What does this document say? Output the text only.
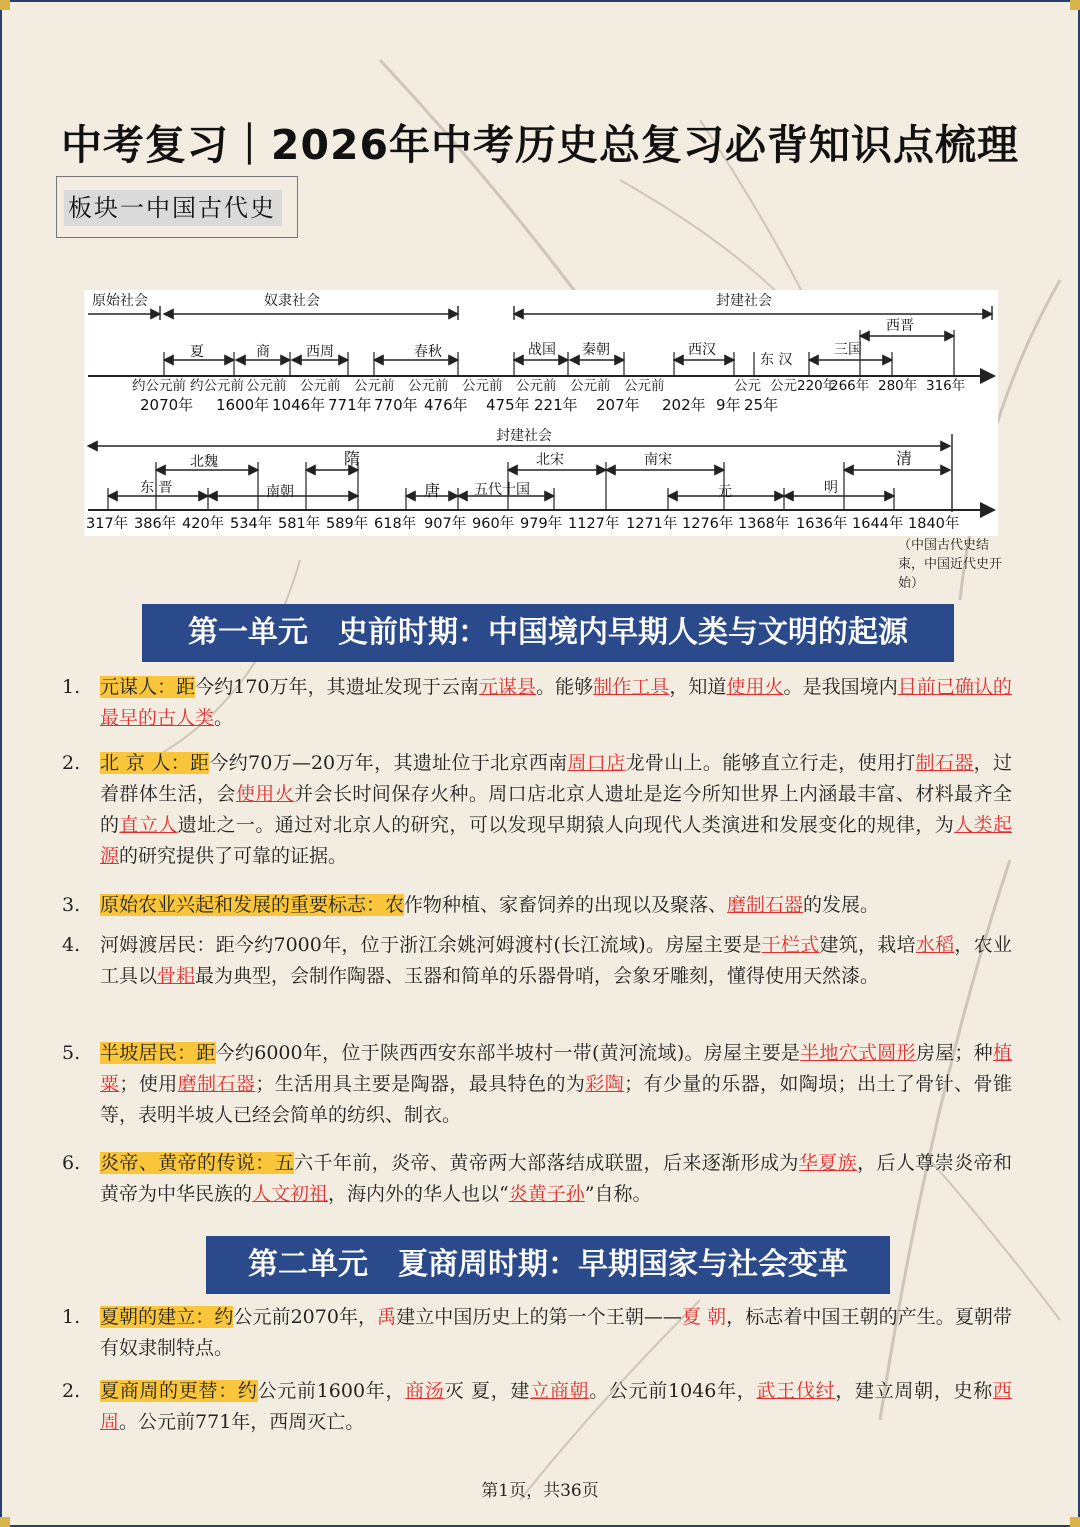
中考复习｜2026年中考历史总复习必背知识点梳理
板块一中国古代史
原始社会	奴隶社会	封建社会
夏	商	西周	春秋	战国 秦朝	西汉
东 汉
三国
西晋
约公元前 约公元前 公元前 公元前 公元前 公元前 公元前 公元前 公元前 公元前	公元 公元220年
266年 280年 316年
2070年 1600年 1046年 771年 770年 476年 475年 221年 207年 202年 9年 25年
封建社会
东 晋
北魏
南朝
隋
唐 五代十国
北宋	南宋
元	明
清
317年 386年 420年 534年 581年 589年 618年 907年 960年 979年 1127年 1271年 1276年 1368年 1636年 1644年 1840年
（中国古代史结束，中国近代史开始）
第一单元　史前时期：中国境内早期人类与文明的起源
1.	元谋人：距今约170万年，其遗址发现于云南元谋县。能够制作工具，知道使用火。是我国境内目前已确认的最早的古人类。
2.	北 京 人：距今约70万—20万年，其遗址位于北京西南周口店龙骨山上。能够直立行走，使用打制石器，过着群体生活，会使用火并会长时间保存火种。周口店北京人遗址是迄今所知世界上内涵最丰富、材料最齐全的直立人遗址之一。通过对北京人的研究，可以发现早期猿人向现代人类演进和发展变化的规律，为人类起源的研究提供了可靠的证据。
3.	原始农业兴起和发展的重要标志：农作物种植、家畜饲养的出现以及聚落、磨制石器的发展。
4.	河姆渡居民：距今约7000年，位于浙江余姚河姆渡村(长江流域)。房屋主要是干栏式建筑，栽培水稻，农业工具以骨耜最为典型，会制作陶器、玉器和简单的乐器骨哨，会象牙雕刻，懂得使用天然漆。
5.	半坡居民：距今约6000年，位于陕西西安东部半坡村一带(黄河流域)。房屋主要是半地穴式圆形房屋；种植粟；使用磨制石器；生活用具主要是陶器，最具特色的为彩陶；有少量的乐器，如陶埙；出土了骨针、骨锥等，表明半坡人已经会简单的纺织、制衣。
6.	炎帝、黄帝的传说：五六千年前，炎帝、黄帝两大部落结成联盟，后来逐渐形成为华夏族，后人尊崇炎帝和黄帝为中华民族的人文初祖，海内外的华人也以“炎黄子孙”自称。
第二单元　夏商周时期：早期国家与社会变革
1.	夏朝的建立：约公元前2070年，禹建立中国历史上的第一个王朝——夏 朝，标志着中国王朝的产生。夏朝带有奴隶制特点。
2.	夏商周的更替：约公元前1600年，商汤灭 夏，建立商朝。公元前1046年，武王伐纣，建立周朝，史称西周。公元前771年，西周灭亡。
第1页，共36页
